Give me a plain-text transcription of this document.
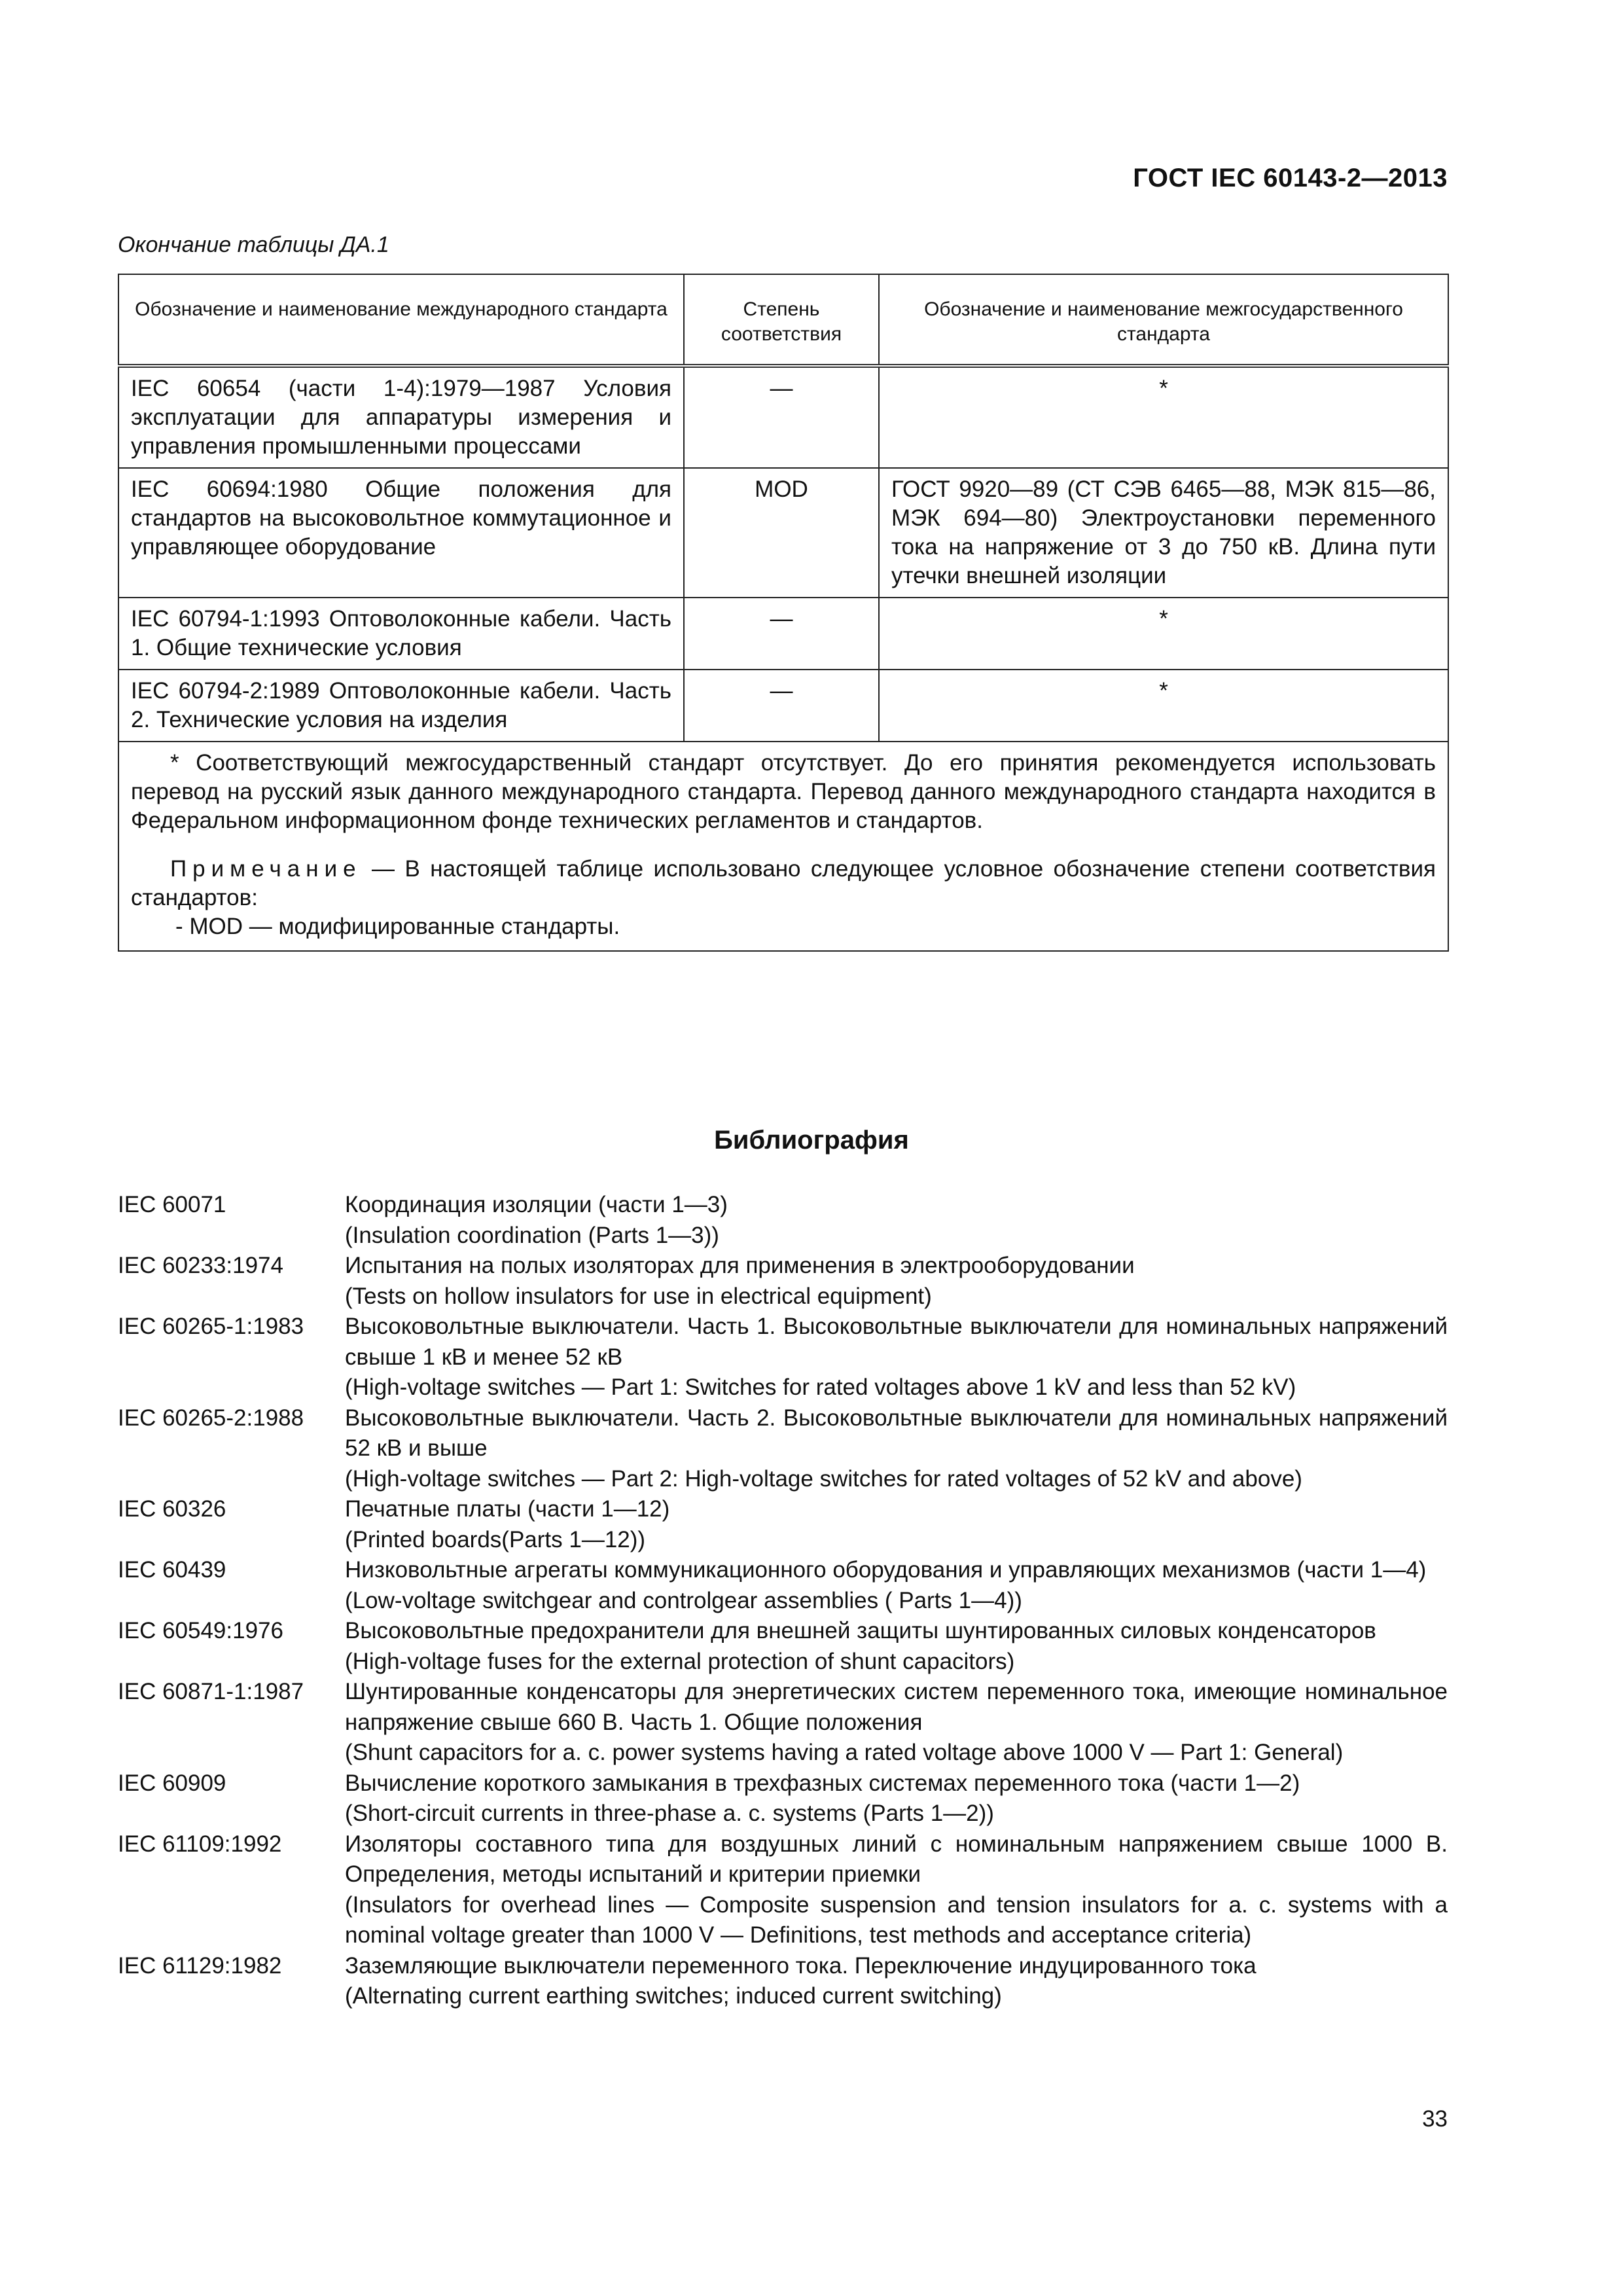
ГОСТ IEC 60143-2—2013
Окончание таблицы ДА.1
Обозначение и наименование международного стандарта	Степень соответствия	Обозначение и наименование межгосударственного стандарта
IEC 60654 (части 1-4):1979—1987 Условия эксплуатации для аппаратуры измерения и управления промышленными процессами	—	*
IEC 60694:1980 Общие положения для стандартов на высоковольтное коммутационное и управляющее оборудование	MOD	ГОСТ 9920—89 (СТ СЭВ 6465—88, МЭК 815—86, МЭК 694—80) Электроустановки переменного тока на напряжение от 3 до 750 кВ. Длина пути утечки внешней изоляции
IEC 60794-1:1993 Оптоволоконные кабели. Часть 1. Общие технические условия	—	*
IEC 60794-2:1989 Оптоволоконные кабели. Часть 2. Технические условия на изделия	—	*

* Соответствующий межгосударственный стандарт отсутствует. До его принятия рекомендуется использовать перевод на русский язык данного международного стандарта. Перевод данного международного стандарта находится в Федеральном информационном фонде технических регламентов и стандартов.

Примечание — В настоящей таблице использовано следующее условное обозначение степени соответствия стандартов:

- MOD — модифицированные стандарты.		

Библиография
IEC 60071	Координация изоляции (части 1—3)
(Insulation coordination (Parts 1—3))
IEC 60233:1974	Испытания на полых изоляторах для применения в электрооборудовании
(Tests on hollow insulators for use in electrical equipment)
IEC 60265-1:1983	Высоковольтные выключатели. Часть 1. Высоковольтные выключатели для номинальных напряжений свыше 1 кВ и менее 52 кВ
(High-voltage switches — Part 1: Switches for rated voltages above 1 kV and less than 52 kV)
IEC 60265-2:1988	Высоковольтные выключатели. Часть 2. Высоковольтные выключатели для номинальных напряжений 52 кВ и выше
(High-voltage switches — Part 2: High-voltage switches for rated voltages of 52 kV and above)
IEC 60326	Печатные платы (части 1—12)
(Printed boards(Parts 1—12))
IEC 60439	Низковольтные агрегаты коммуникационного оборудования и управляющих механизмов (части 1—4)
(Low-voltage switchgear and controlgear assemblies ( Parts 1—4))
IEC 60549:1976	Высоковольтные предохранители для внешней защиты шунтированных силовых конденсаторов
(High-voltage fuses for the external protection of shunt capacitors)
IEC 60871-1:1987	Шунтированные конденсаторы для энергетических систем переменного тока, имеющие номинальное напряжение свыше 660 В. Часть 1. Общие положения
(Shunt capacitors for a. c. power systems having a rated voltage above 1000 V — Part 1: General)
IEC 60909	Вычисление короткого замыкания в трехфазных системах переменного тока (части 1—2)
(Short-circuit currents in three-phase a. c. systems (Parts 1—2))
IEC 61109:1992	Изоляторы составного типа для воздушных линий с номинальным напряжением свыше 1000 В. Определения, методы испытаний и критерии приемки
(Insulators for overhead lines — Composite suspension and tension insulators for a. c. systems with a nominal voltage greater than 1000 V — Definitions, test methods and acceptance criteria)
IEC 61129:1982	Заземляющие выключатели переменного тока. Переключение индуцированного тока
(Alternating current earthing switches; induced current switching)
33
